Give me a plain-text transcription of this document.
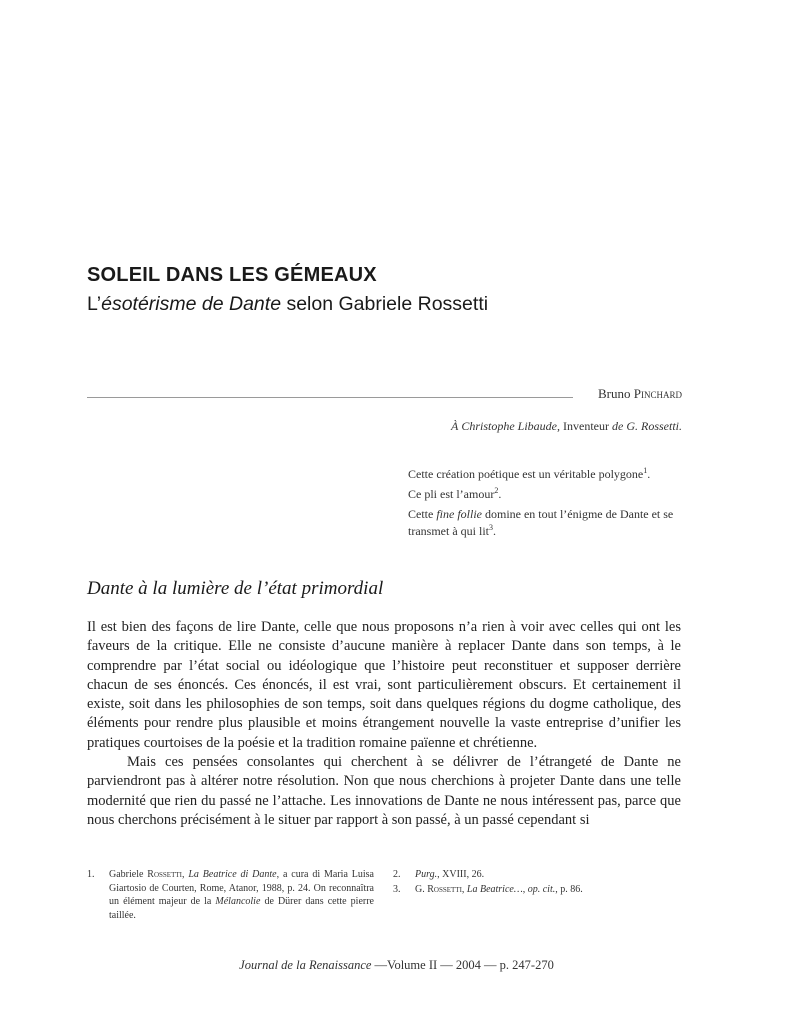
SOLEIL DANS LES GÉMEAUX
L’ésotérisme de Dante selon Gabriele Rossetti
Bruno Pinchard
À Christophe Libaude, Inventeur de G. Rossetti.

Cette création poétique est un véritable polygone$^1$.

Ce pli est l’amour$^2$.

Cette fine follie domine en tout l’énigme de Dante et se transmet à qui lit$^3$.

Dante à la lumière de l’état primordial

Il est bien des façons de lire Dante, celle que nous proposons n’a rien à voir avec celles qui ont les faveurs de la critique. Elle ne consiste d’aucune manière à replacer Dante dans son temps, à le comprendre par l’état social ou idéologique que l’histoire peut reconstituer et supposer derrière chacun de ses énoncés. Ces énoncés, il est vrai, sont particulièrement obscurs. Et certainement il existe, soit dans les philosophies de son temps, soit dans quelques régions du dogme catholique, des éléments pour rendre plus plausible et moins étrangement nouvelle la vaste entreprise d’unifier les pratiques courtoises de la poésie et la tradition romaine païenne et chrétienne.

Mais ces pensées consolantes qui cherchent à se délivrer de l’étrangeté de Dante ne parviendront pas à altérer notre résolution. Non que nous cherchions à projeter Dante dans une telle modernité que rien du passé ne l’attache. Les innovations de Dante ne nous intéressent pas, parce que nous cherchons précisément à le situer par rapport à son passé, à un passé cependant si

1. Gabriele Rossetti, La Beatrice di Dante, a cura di Maria Luisa Giartosio de Courten, Rome, Atanor, 1988, p. 24. On reconnaîtra un élément majeur de la Mélancolie de Dürer dans cette pierre taillée.
2. Purg., XVIII, 26.
3. G. Rossetti, La Beatrice…, op. cit., p. 86.
Journal de la Renaissance —Volume II — 2004 — p. 247-270
